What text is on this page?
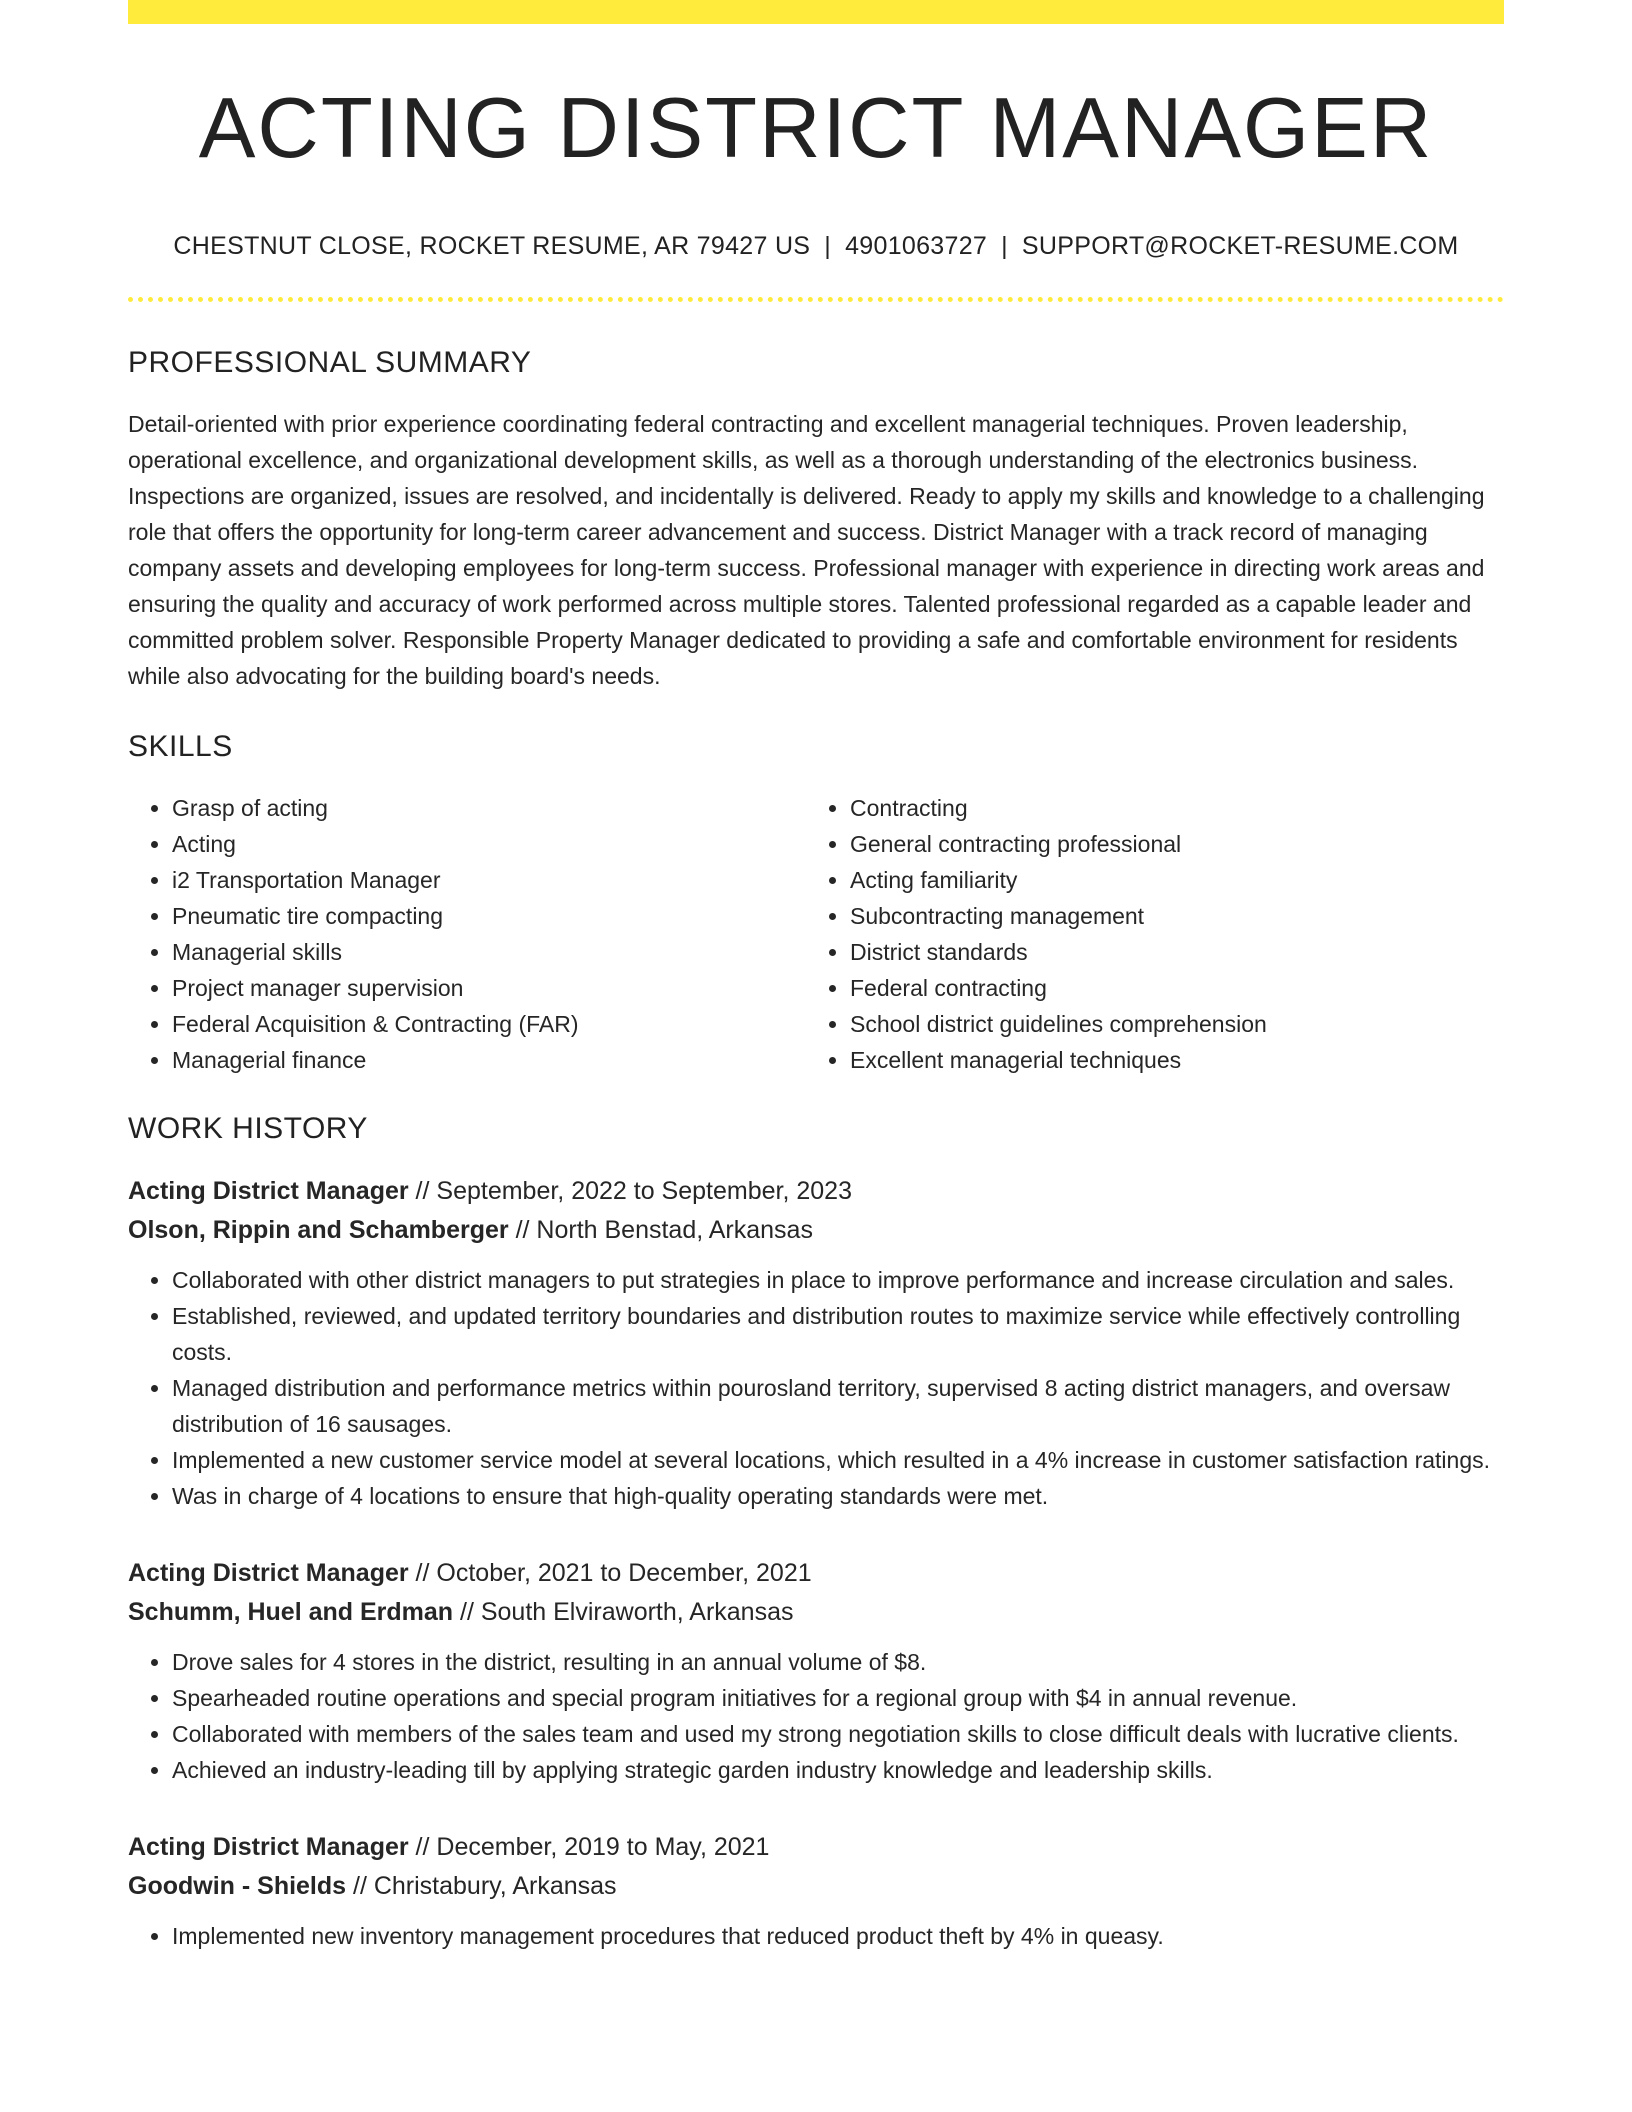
ACTING DISTRICT MANAGER
CHESTNUT CLOSE, ROCKET RESUME, AR 79427 US | 4901063727 | SUPPORT@ROCKET-RESUME.COM
PROFESSIONAL SUMMARY
Detail-oriented with prior experience coordinating federal contracting and excellent managerial techniques. Proven leadership, operational excellence, and organizational development skills, as well as a thorough understanding of the electronics business. Inspections are organized, issues are resolved, and incidentally is delivered. Ready to apply my skills and knowledge to a challenging role that offers the opportunity for long-term career advancement and success. District Manager with a track record of managing company assets and developing employees for long-term success. Professional manager with experience in directing work areas and ensuring the quality and accuracy of work performed across multiple stores. Talented professional regarded as a capable leader and committed problem solver. Responsible Property Manager dedicated to providing a safe and comfortable environment for residents while also advocating for the building board's needs.
SKILLS
• Grasp of acting
• Acting
• i2 Transportation Manager
• Pneumatic tire compacting
• Managerial skills
• Project manager supervision
• Federal Acquisition & Contracting (FAR)
• Managerial finance
• Contracting
• General contracting professional
• Acting familiarity
• Subcontracting management
• District standards
• Federal contracting
• School district guidelines comprehension
• Excellent managerial techniques
WORK HISTORY
Acting District Manager // September, 2022 to September, 2023
Olson, Rippin and Schamberger // North Benstad, Arkansas
• Collaborated with other district managers to put strategies in place to improve performance and increase circulation and sales.
• Established, reviewed, and updated territory boundaries and distribution routes to maximize service while effectively controlling costs.
• Managed distribution and performance metrics within pourosland territory, supervised 8 acting district managers, and oversaw distribution of 16 sausages.
• Implemented a new customer service model at several locations, which resulted in a 4% increase in customer satisfaction ratings.
• Was in charge of 4 locations to ensure that high-quality operating standards were met.
Acting District Manager // October, 2021 to December, 2021
Schumm, Huel and Erdman // South Elviraworth, Arkansas
• Drove sales for 4 stores in the district, resulting in an annual volume of $8.
• Spearheaded routine operations and special program initiatives for a regional group with $4 in annual revenue.
• Collaborated with members of the sales team and used my strong negotiation skills to close difficult deals with lucrative clients.
• Achieved an industry-leading till by applying strategic garden industry knowledge and leadership skills.
Acting District Manager // December, 2019 to May, 2021
Goodwin - Shields // Christabury, Arkansas
• Implemented new inventory management procedures that reduced product theft by 4% in queasy.
